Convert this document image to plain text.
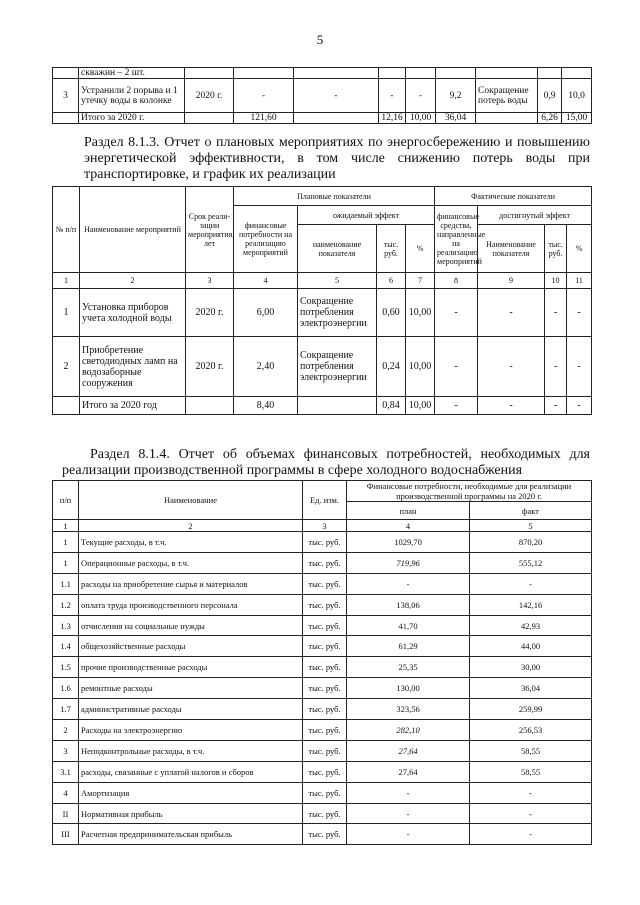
5
	скважин – 2 шт.									
3	Устранили 2 порыва и 1 утечку воды в колонке	2020 г.	-	-	-	-	9,2	Сокращение потерь воды	0,9	10,0
	Итого за 2020 г.		121,60		12,16	10,00	36,04		6,26	15,00
Раздел 8.1.3. Отчет о плановых мероприятиях по энергосбережению и повышению энергетической эффективности, в том числе снижению потерь воды при транспортировке, и график их реализации
№ п/п	Наименование мероприятий	Срок реали-зации мероприятия, лет	Плановые показатели				Фактические показатели			
			финансовые потребности на реализацию мероприятий	ожидаемый эффект			финансовые средства, направленные на реализацию мероприятий	достигнутый эффект		
				наименование показателя	тыс. руб.	%		Наименование показателя	тыс. руб.	%
1	2	3	4	5	6	7	8	9	10	11
1	Установка приборов учета холодной воды	2020 г.	6,00	Сокращение потребления электроэнергии	0,60	10,00	-	-	-	-
2	Приобретение светодиодных ламп на водозаборные сооружения	2020 г.	2,40	Сокращение потребления электроэнергии	0,24	10,00	-	-	-	-
	Итого за 2020 год		8,40		0,84	10,00	-	-	-	-
Раздел 8.1.4. Отчет об объемах финансовых потребностей, необходимых для реализации производственной программы в сфере холодного водоснабжения
п/п	Наименование	Ед. изм.	Финансовые потребности, необходимые для реализации производственной программы на 2020 г.	
			план	факт
1	2	3	4	5
1	Текущие расходы, в т.ч.	тыс. руб.	1029,70	870,20
1	Операционные расходы, в т.ч.	тыс. руб.	719,96	555,12
1.1	расходы на приобретение сырья и материалов	тыс. руб.	-	-
1.2	оплата труда производственного персонала	тыс. руб.	138,06	142,16
1.3	отчисления на социальные нужды	тыс. руб.	41,70	42,93
1.4	общехозяйственные расходы	тыс. руб.	61,29	44,00
1.5	прочие производственные расходы	тыс. руб.	25,35	30,00
1.6	ремонтные расходы	тыс. руб.	130,00	36,04
1.7	административные расходы	тыс. руб.	323,56	259,99
2	Расходы на электроэнергию	тыс. руб.	282,10	256,53
3	Неподконтрольные расходы, в т.ч.	тыс. руб.	27,64	58,55
3.1	расходы, связанные с уплатой налогов и сборов	тыс. руб.	27,64	58,55
4	Амортизация	тыс. руб.	-	-
II	Нормативная прибыль	тыс. руб.	-	-
III	Расчетная предпринимательская прибыль	тыс. руб.	-	-
